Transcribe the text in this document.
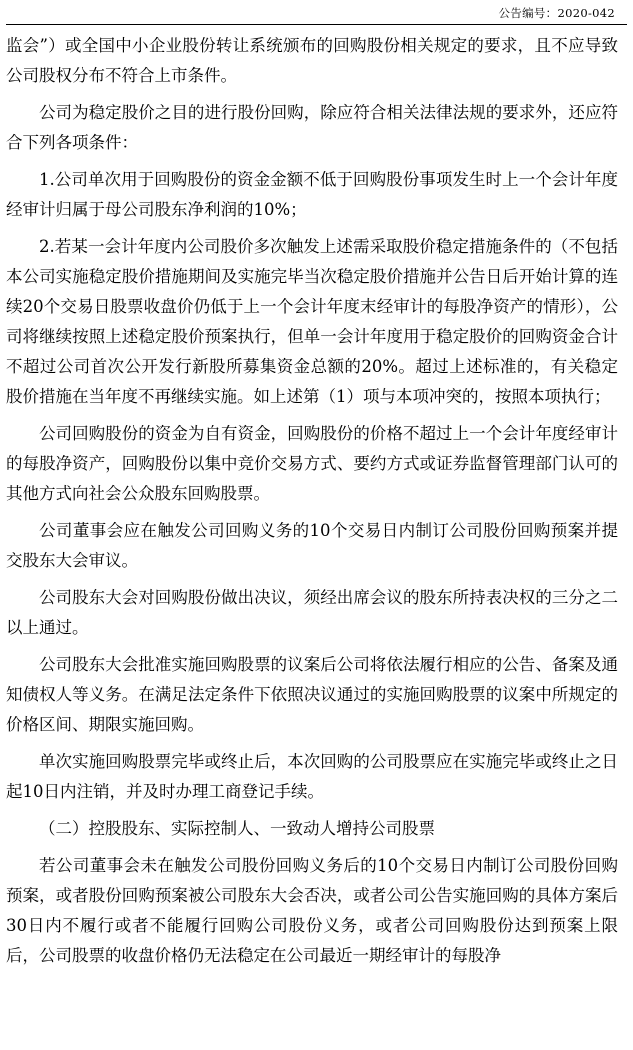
公告编号：2020-042

监会”）或全国中小企业股份转让系统颁布的回购股份相关规定的要求，且不应导致公司股权分布不符合上市条件。

公司为稳定股价之目的进行股份回购，除应符合相关法律法规的要求外，还应符合下列各项条件：

1.公司单次用于回购股份的资金金额不低于回购股份事项发生时上一个会计年度经审计归属于母公司股东净利润的10%；

2.若某一会计年度内公司股价多次触发上述需采取股价稳定措施条件的（不包括本公司实施稳定股价措施期间及实施完毕当次稳定股价措施并公告日后开始计算的连续20个交易日股票收盘价仍低于上一个会计年度末经审计的每股净资产的情形），公司将继续按照上述稳定股价预案执行，但单一会计年度用于稳定股价的回购资金合计不超过公司首次公开发行新股所募集资金总额的20%。超过上述标准的，有关稳定股价措施在当年度不再继续实施。如上述第（1）项与本项冲突的，按照本项执行；

公司回购股份的资金为自有资金，回购股份的价格不超过上一个会计年度经审计的每股净资产，回购股份以集中竞价交易方式、要约方式或证券监督管理部门认可的其他方式向社会公众股东回购股票。

公司董事会应在触发公司回购义务的10个交易日内制订公司股份回购预案并提交股东大会审议。

公司股东大会对回购股份做出决议，须经出席会议的股东所持表决权的三分之二以上通过。

公司股东大会批准实施回购股票的议案后公司将依法履行相应的公告、备案及通知债权人等义务。在满足法定条件下依照决议通过的实施回购股票的议案中所规定的价格区间、期限实施回购。

单次实施回购股票完毕或终止后，本次回购的公司股票应在实施完毕或终止之日起10日内注销，并及时办理工商登记手续。

（二）控股股东、实际控制人、一致动人增持公司股票

若公司董事会未在触发公司股份回购义务后的10个交易日内制订公司股份回购预案，或者股份回购预案被公司股东大会否决，或者公司公告实施回购的具体方案后30日内不履行或者不能履行回购公司股份义务，或者公司回购股份达到预案上限后，公司股票的收盘价格仍无法稳定在公司最近一期经审计的每股净
